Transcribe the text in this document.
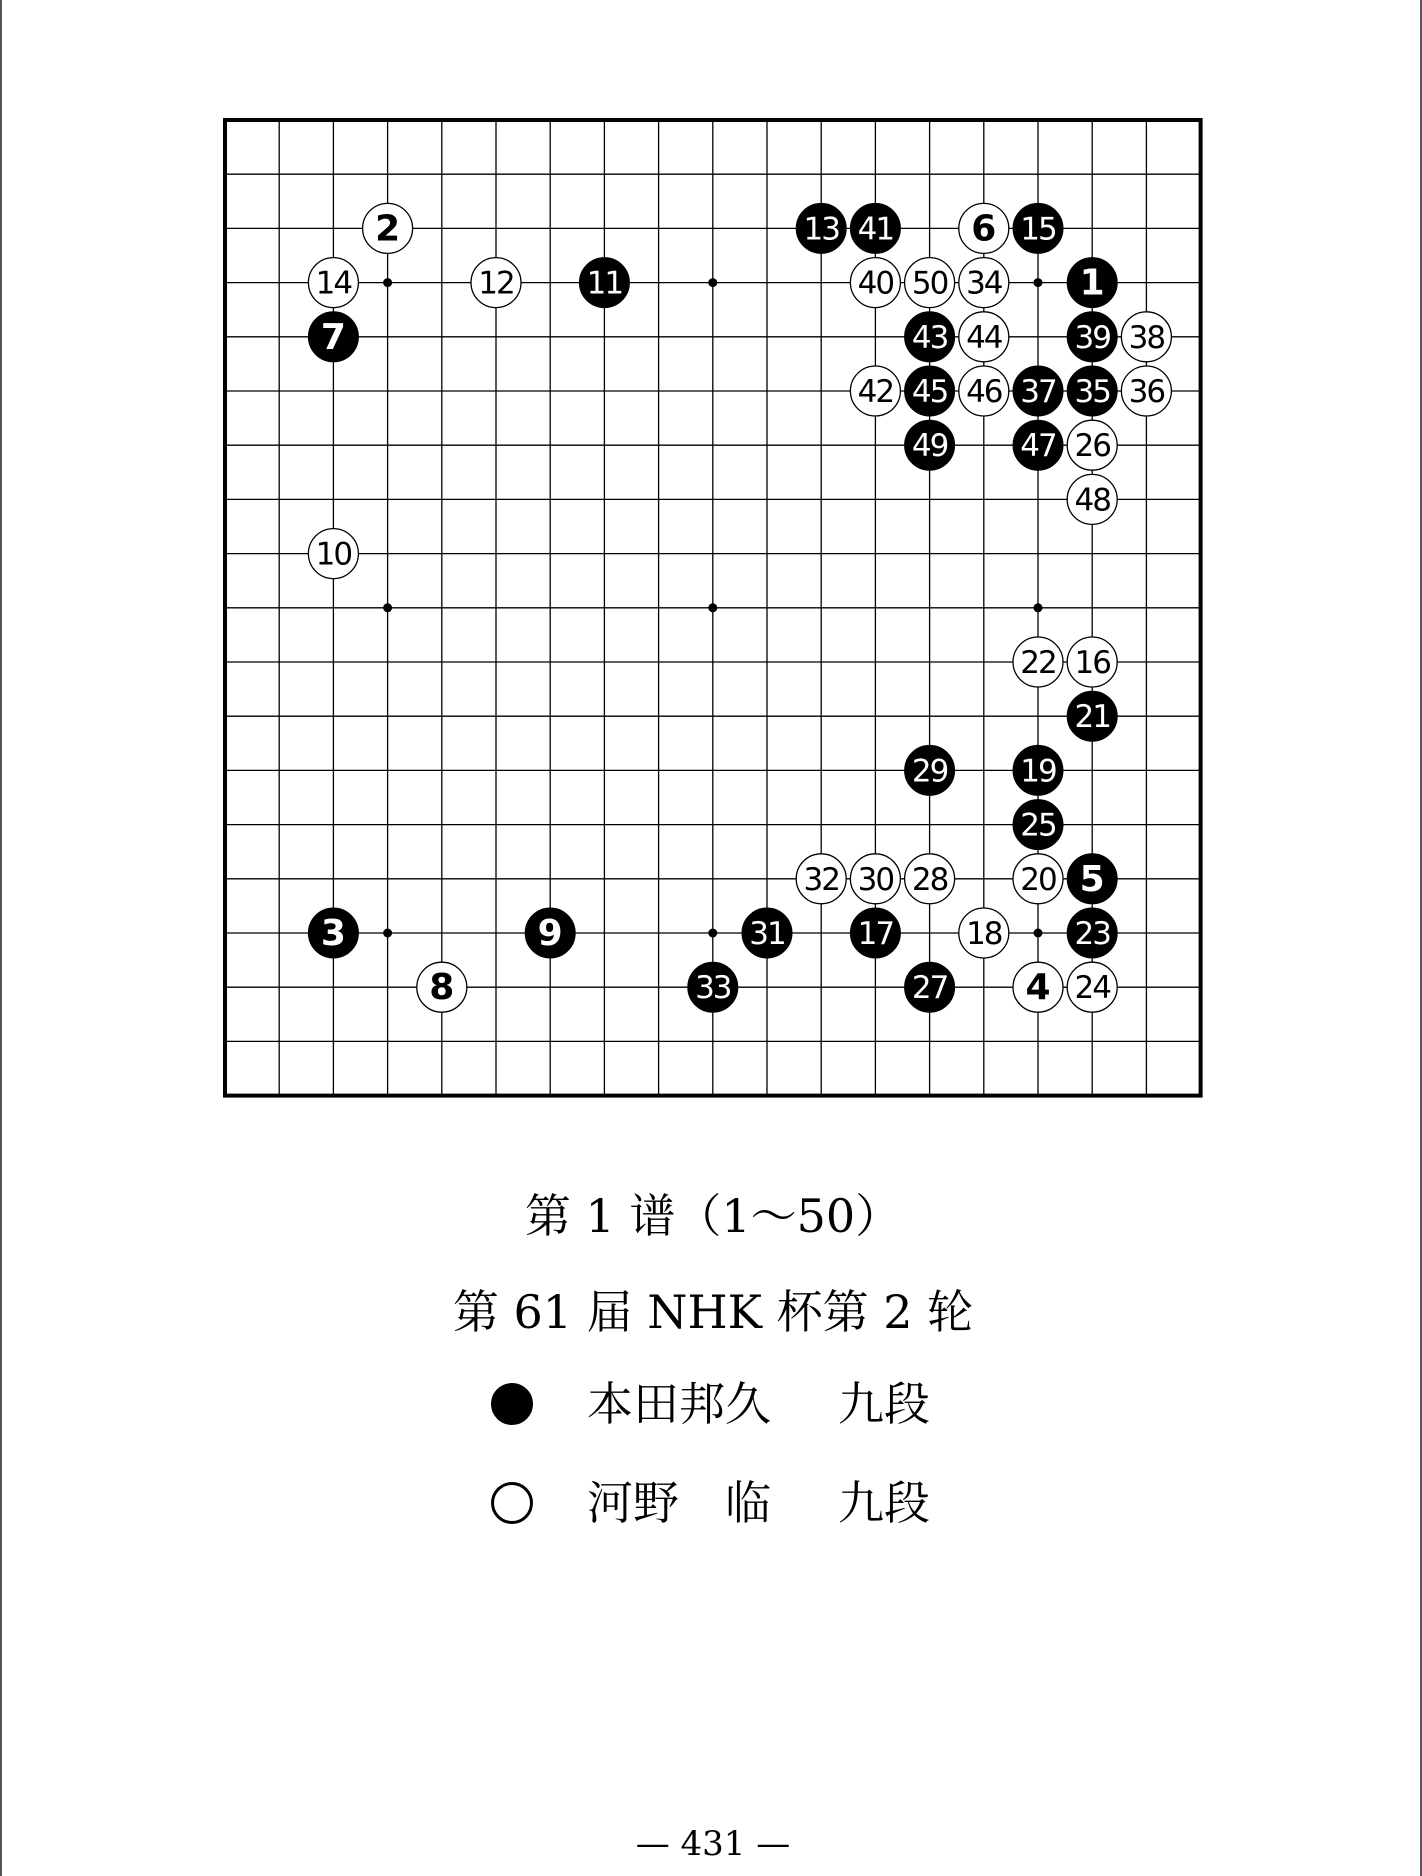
1
2
3
4
5
6
7
8
9
10
11
12
13
14
15
16
17 18
19
20
21
22
23
24
25
26
27
28
29
30
31
32
33
34
35 36
37
38
39
40
41
42
43 44
45 46
47
48
49
50
第 1 谱（1～50）
第 61 届 NHK 杯第 2 轮
本田邦久 九段
河野　临 九段
— 431 —
